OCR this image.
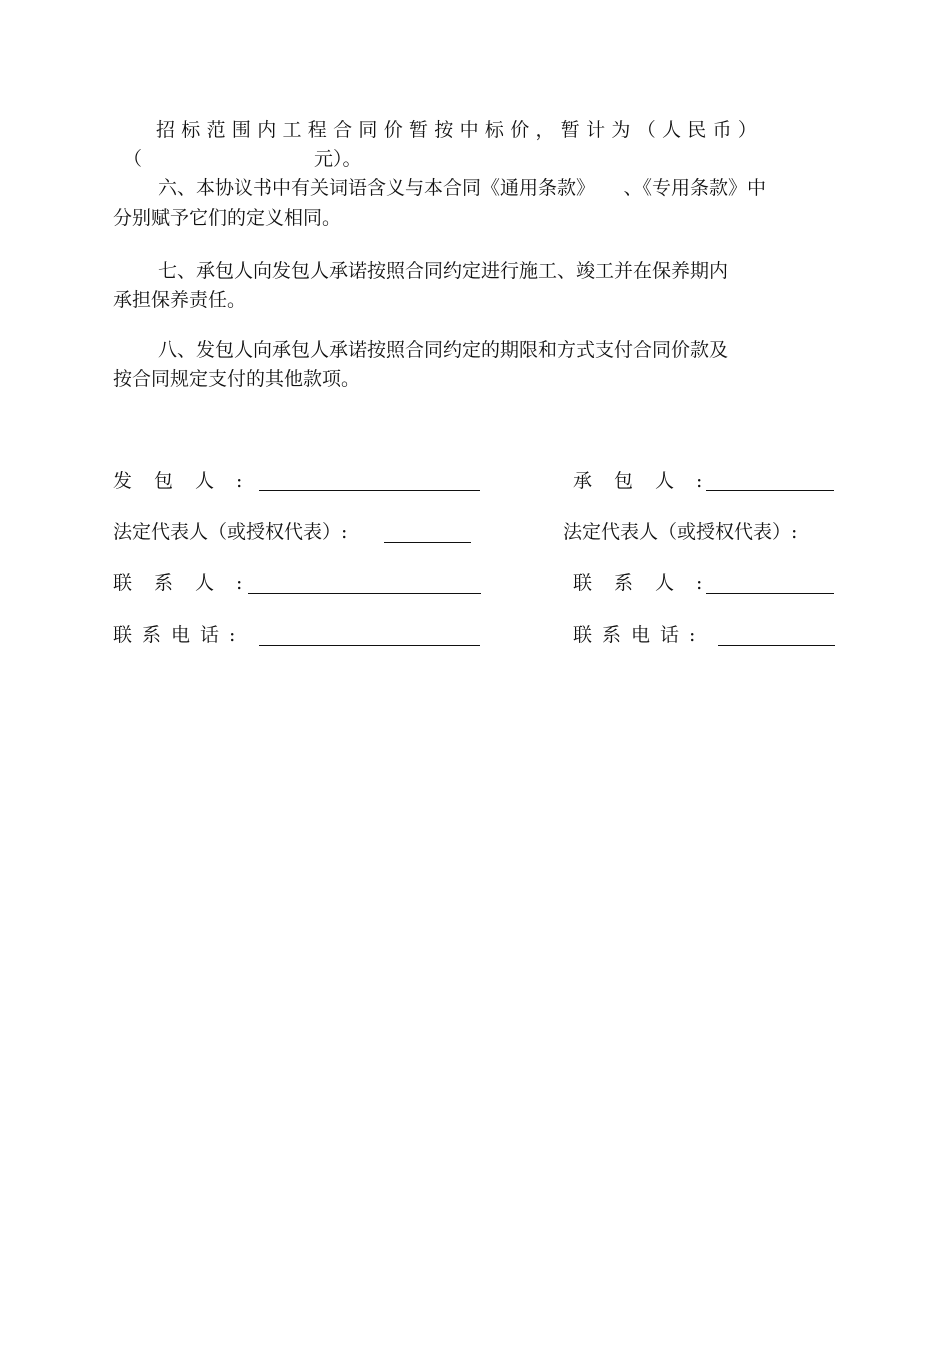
招标范围内工程合同价暂按中标价，暂计为（人民币）
（	元）。
六、本协议书中有关词语含义与本合同《通用条款》　　、《专用条款》中
分别赋予它们的定义相同。
七、承包人向发包人承诺按照合同约定进行施工、竣工并在保养期内
承担保养责任。
八、发包人向承包人承诺按照合同约定的期限和方式支付合同价款及
按合同规定支付的其他款项。
发包人:
法定代表人（或授权代表）:
联系人:
联系电话:
承包人:
法定代表人（或授权代表）:
联系人:
联系电话:
